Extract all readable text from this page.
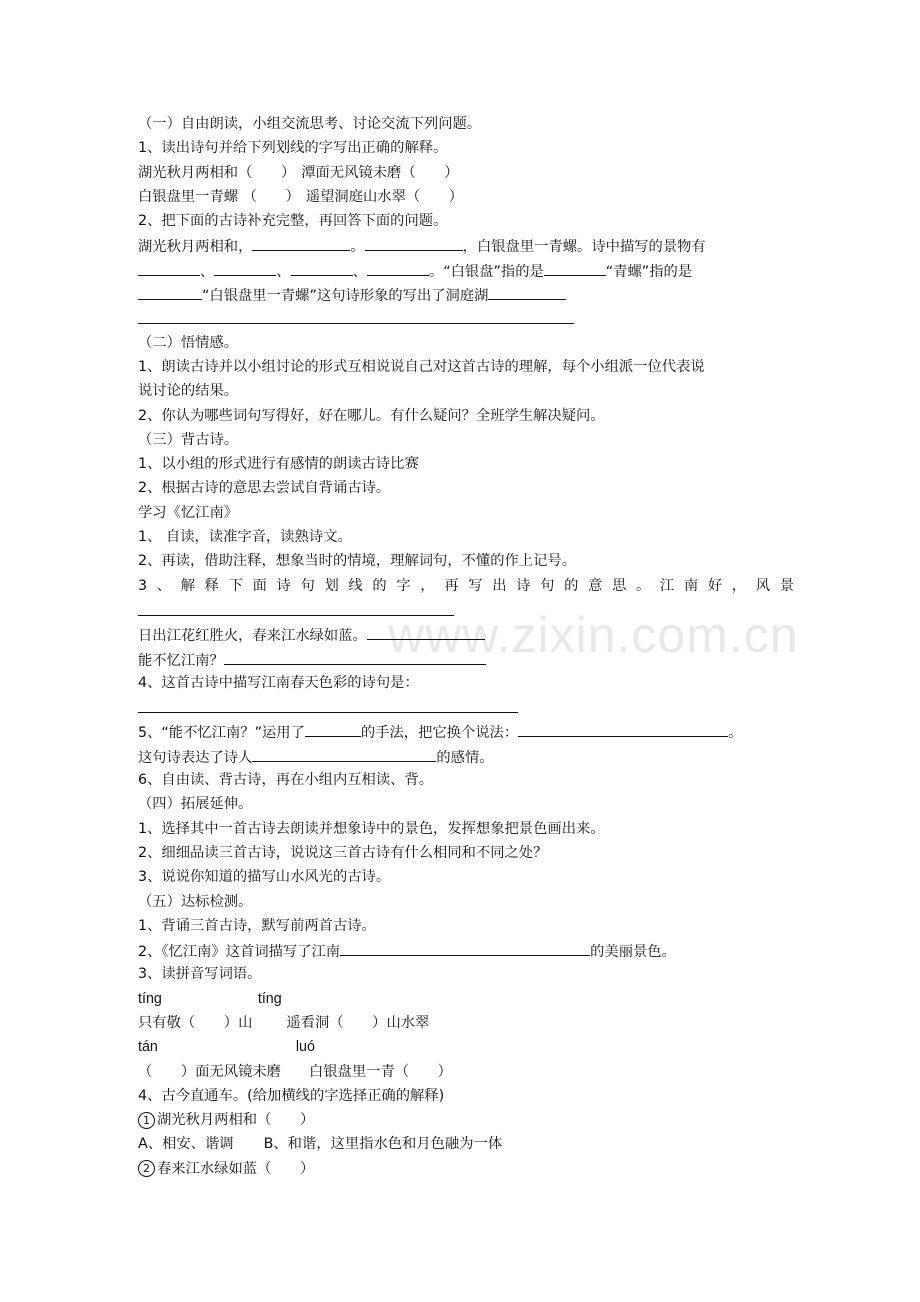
www.zixin.com.cn
（一）自由朗读，小组交流思考、讨论交流下列问题。
1、读出诗句并给下列划线的字写出正确的解释。
湖光秋月两相和（　　） 潭面无风镜未磨（　　）
白银盘里一青螺 （　　） 遥望洞庭山水翠（　　）
2、把下面的古诗补充完整，再回答下面的问题。
湖光秋月两相和，	。	，白银盘里一青螺。诗中描写的景物有
、	、	、	。“白银盘”指的是	“青螺”指的是
“白银盘里一青螺”这句诗形象的写出了洞庭湖
（二）悟情感。
1、朗读古诗并以小组讨论的形式互相说说自己对这首古诗的理解，每个小组派一位代表说
说讨论的结果。
2、你认为哪些词句写得好，好在哪儿。有什么疑问？全班学生解决疑问。
（三）背古诗。
1、以小组的形式进行有感情的朗读古诗比赛
2、根据古诗的意思去尝试自背诵古诗。
学习《忆江南》
1、 自读，读准字音，读熟诗文。
2、再读，借助注释，想象当时的情境，理解词句，不懂的作上记号。
3、解释下面诗句划线的字，再写出诗句的意思。江南好，风景
日出江花红胜火，春来江水绿如蓝。
能不忆江南？
4、这首古诗中描写江南春天色彩的诗句是：
5、“能不忆江南？”运用了	的手法，把它换个说法：	。
这句诗表达了诗人	的感情。
6、自由读、背古诗，再在小组内互相读、背。
（四）拓展延伸。
1、选择其中一首古诗去朗读并想象诗中的景色，发挥想象把景色画出来。
2、细细品读三首古诗，说说这三首古诗有什么相同和不同之处？
3、说说你知道的描写山水风光的古诗。
（五）达标检测。
1、背诵三首古诗，默写前两首古诗。
2、《忆江南》这首词描写了江南	的美丽景色。
3、读拼音写词语。
tíng	tíng
只有敬（　　）山 遥看洞（　　）山水翠
tán	luó
（　　）面无风镜未磨 白银盘里一青（　　）
4、古今直通车。(给加横线的字选择正确的解释)
1 湖光秋月两相和（　　）
A、相安、谐调 B、和谐，这里指水色和月色融为一体
2 春来江水绿如蓝（　　）
